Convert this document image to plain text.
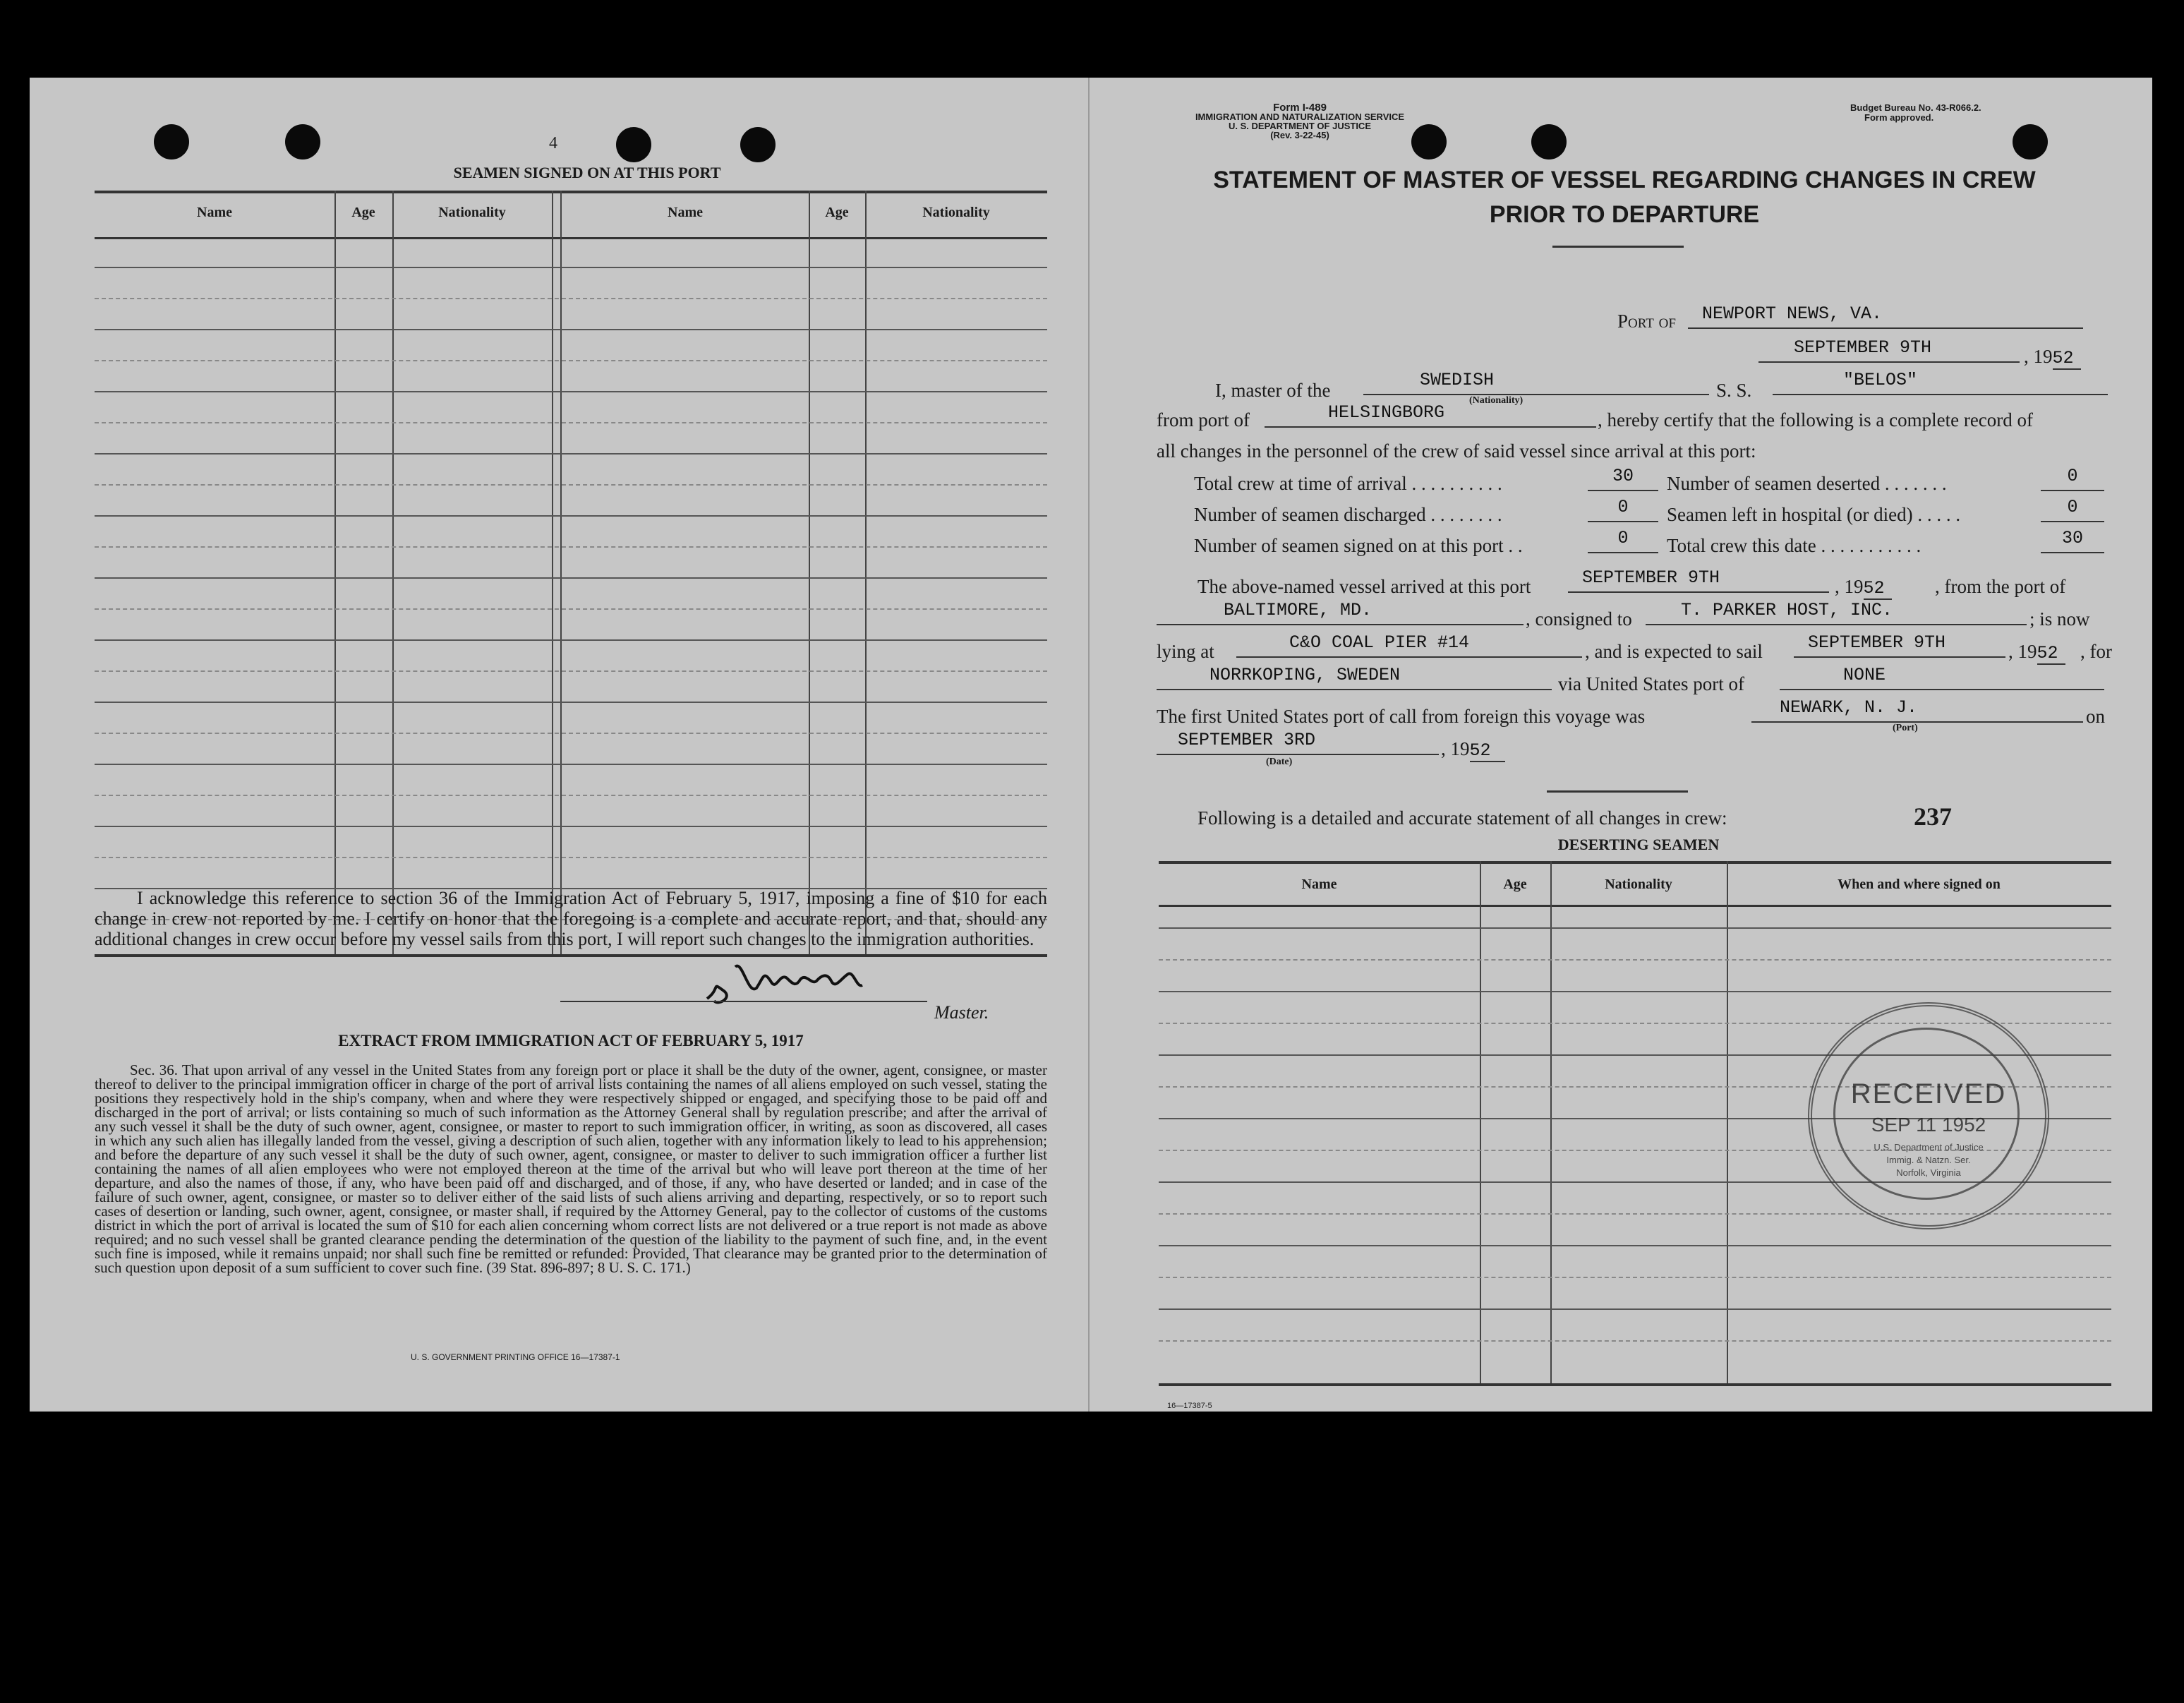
4
SEAMEN SIGNED ON AT THIS PORT
Name	Age	Nationality	Name	Age	Nationality
I acknowledge this reference to section 36 of the Immigration Act of February 5, 1917, imposing a fine of $10 for each change in crew not reported by me. I certify on honor that the foregoing is a complete and accurate report, and that, should any additional changes in crew occur before my vessel sails from this port, I will report such changes to the immigration authorities.
Master.
EXTRACT FROM IMMIGRATION ACT OF FEBRUARY 5, 1917
Sec. 36. That upon arrival of any vessel in the United States from any foreign port or place it shall be the duty of the owner, agent, consignee, or master thereof to deliver to the principal immigration officer in charge of the port of arrival lists containing the names of all aliens employed on such vessel, stating the positions they respectively hold in the ship's company, when and where they were respectively shipped or engaged, and specifying those to be paid off and discharged in the port of arrival; or lists containing so much of such information as the Attorney General shall by regulation prescribe; and after the arrival of any such vessel it shall be the duty of such owner, agent, consignee, or master to report to such immigration officer, in writing, as soon as discovered, all cases in which any such alien has illegally landed from the vessel, giving a description of such alien, together with any information likely to lead to his apprehension; and before the departure of any such vessel it shall be the duty of such owner, agent, consignee, or master to deliver to such immigration officer a further list containing the names of all alien employees who were not employed thereon at the time of the arrival but who will leave port thereon at the time of her departure, and also the names of those, if any, who have been paid off and discharged, and of those, if any, who have deserted or landed; and in case of the failure of such owner, agent, consignee, or master so to deliver either of the said lists of such aliens arriving and departing, respectively, or so to report such cases of desertion or landing, such owner, agent, consignee, or master shall, if required by the Attorney General, pay to the collector of customs of the customs district in which the port of arrival is located the sum of $10 for each alien concerning whom correct lists are not delivered or a true report is not made as above required; and no such vessel shall be granted clearance pending the determination of the question of the liability to the payment of such fine, and, in the event such fine is imposed, while it remains unpaid; nor shall such fine be remitted or refunded: Provided, That clearance may be granted prior to the determination of such question upon deposit of a sum sufficient to cover such fine. (39 Stat. 896-897; 8 U. S. C. 171.)
U. S. GOVERNMENT PRINTING OFFICE 16—17387-1
Form I-489
IMMIGRATION AND NATURALIZATION SERVICE
U. S. DEPARTMENT OF JUSTICE
(Rev. 3-22-45)
Budget Bureau No. 43-R066.2.
Form approved.
STATEMENT OF MASTER OF VESSEL REGARDING CHANGES IN CREW
PRIOR TO DEPARTURE
Port of	NEWPORT NEWS, VA.
SEPTEMBER 9TH	, 1952
I, master of the	SWEDISH	S. S.	"BELOS"
(Nationality)
from port of	HELSINGBORG	, hereby certify that the following is a complete record of
all changes in the personnel of the crew of said vessel since arrival at this port:
Total crew at time of arrival . . . . . . . . . .	30	Number of seamen deserted . . . . . . .	0
Number of seamen discharged . . . . . . . .	0	Seamen left in hospital (or died) . . . . .	0
Number of seamen signed on at this port . .	0	Total crew this date . . . . . . . . . . .	30
The above-named vessel arrived at this port	SEPTEMBER 9TH	, 1952	, from the port of
BALTIMORE, MD.	, consigned to	T. PARKER HOST, INC.	; is now
lying at	C&O COAL PIER #14	, and is expected to sail	SEPTEMBER 9TH	, 1952	, for
NORRKOPING, SWEDEN	via United States port of	NONE
The first United States port of call from foreign this voyage was	NEWARK, N. J.	on
(Port)
SEPTEMBER 3RD	, 1952
(Date)
Following is a detailed and accurate statement of all changes in crew:	237
DESERTING SEAMEN
Name	Age	Nationality	When and where signed on
RECEIVED
SEP 11 1952
U.S. Department of Justice
Immig. & Natzn. Ser.
Norfolk, Virginia
16—17387-5
